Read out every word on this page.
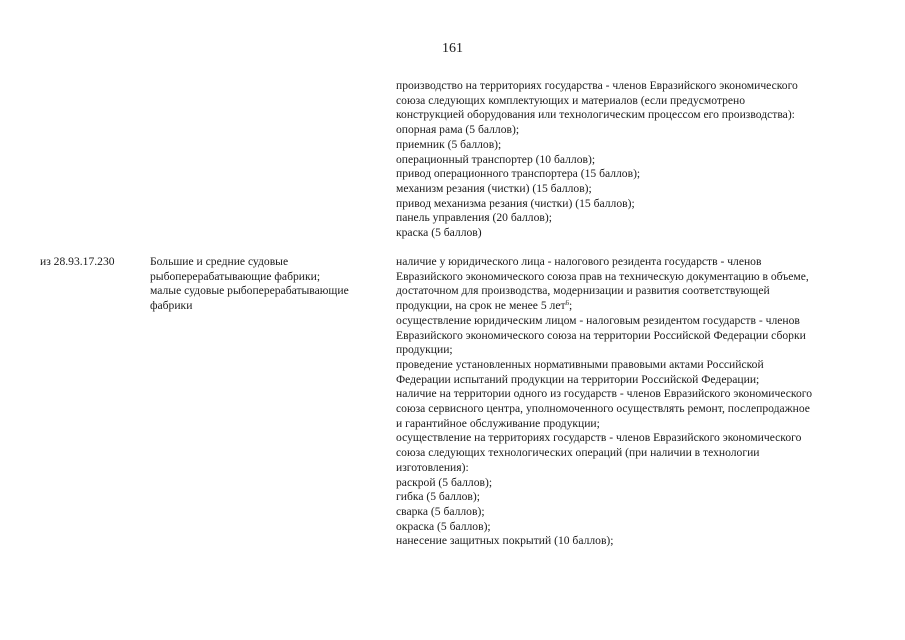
161
производство на территориях государства - членов Евразийского экономического
союза следующих комплектующих и материалов (если предусмотрено
конструкцией оборудования или технологическим процессом его производства):
опорная рама (5 баллов);
приемник (5 баллов);
операционный транспортер (10 баллов);
привод операционного транспортера (15 баллов);
механизм резания (чистки) (15 баллов);
привод механизма резания (чистки) (15 баллов);
панель управления (20 баллов);
краска (5 баллов)
из 28.93.17.230	Большие и средние судовые
рыбоперерабатывающие фабрики;
малые судовые рыбоперерабатывающие
фабрики
наличие у юридического лица - налогового резидента государств - членов
Евразийского экономического союза прав на техническую документацию в объеме,
достаточном для производства, модернизации и развития соответствующей
продукции, на срок не менее 5 лет$^6$;
осуществление юридическим лицом - налоговым резидентом государств - членов
Евразийского экономического союза на территории Российской Федерации сборки
продукции;
проведение установленных нормативными правовыми актами Российской
Федерации испытаний продукции на территории Российской Федерации;
наличие на территории одного из государств - членов Евразийского экономического
союза сервисного центра, уполномоченного осуществлять ремонт, послепродажное
и гарантийное обслуживание продукции;
осуществление на территориях государств - членов Евразийского экономического
союза следующих технологических операций (при наличии в технологии
изготовления):
раскрой (5 баллов);
гибка (5 баллов);
сварка (5 баллов);
окраска (5 баллов);
нанесение защитных покрытий (10 баллов);
